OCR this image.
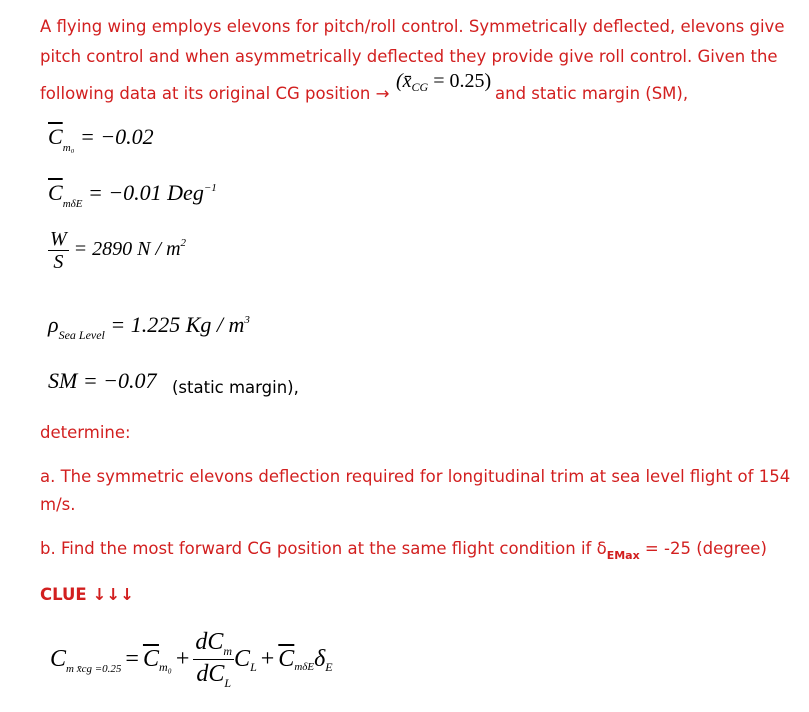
A flying wing employs elevons for pitch/roll control. Symmetrically deflected, elevons give
pitch control and when asymmetrically deflected they provide give roll control. Given the
following data at its original CG position →
$(x̄_{CG} = 0.25)$
and static margin (SM),
$\overline{C}_{m_0} = -0.02$
$\overline{C}_{m\delta E} = -0.01$ Deg$^{-1}$
$\frac{W}{S} = 2890$ N / $m^2$
$\rho_{Sea Level} = 1.225$ Kg / $m^3$
SM = −0.07 (static margin),
determine:
a. The symmetric elevons deflection required for longitudinal trim at sea level flight of 154
m/s.
b. Find the most forward CG position at the same flight condition if $\delta_{EMax} = -25$ (degree)
CLUE ↓↓↓
C m x̄cg $=0.25 = \overline{C}$ $m_0 + \frac{dC_m}{dC_L}$ C $L + \overline{C}$ mδE δ E
